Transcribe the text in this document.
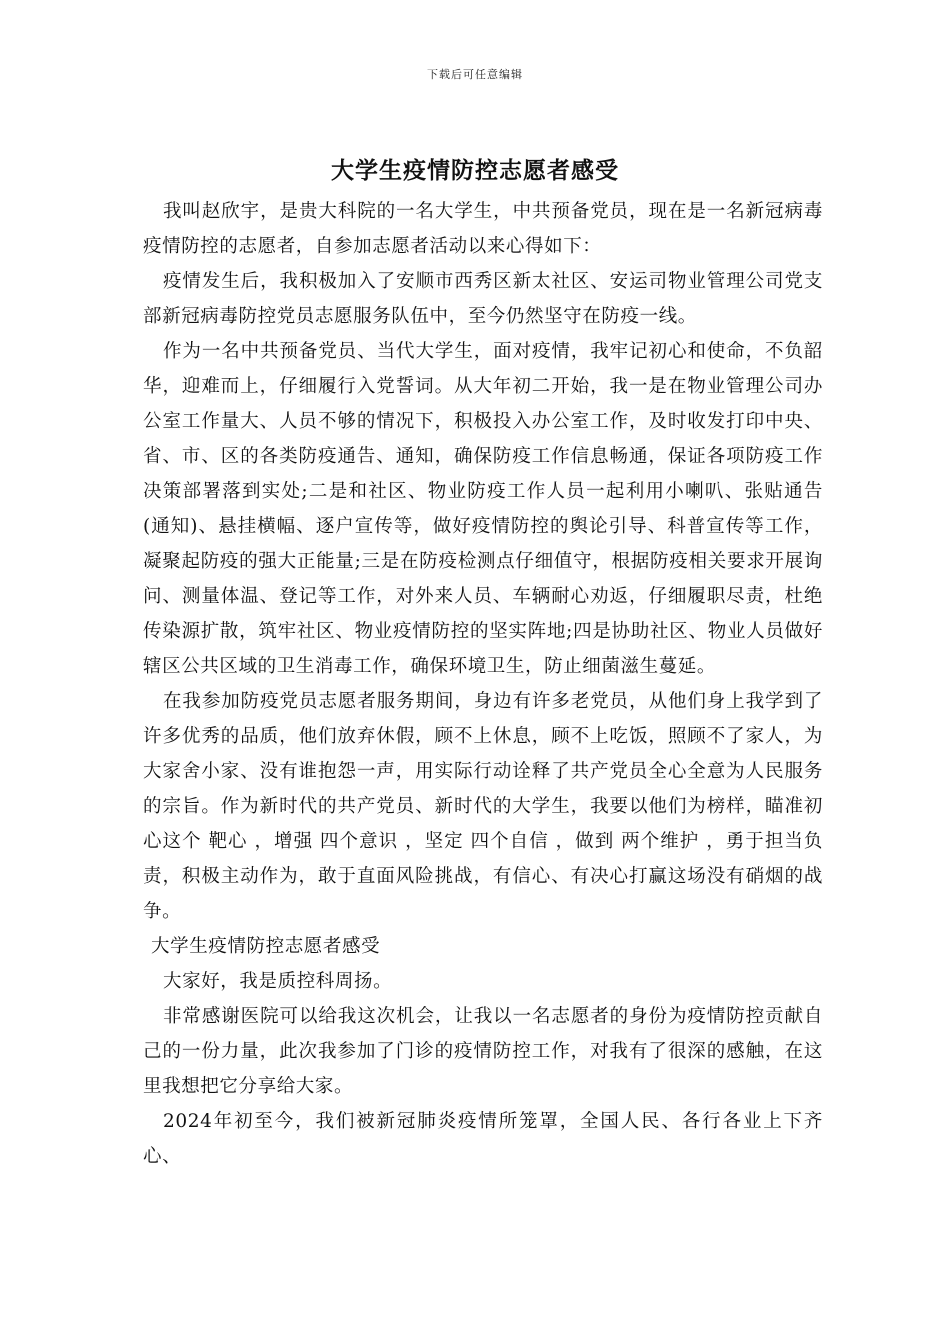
下载后可任意编辑
大学生疫情防控志愿者感受

我叫赵欣宇，是贵大科院的一名大学生，中共预备党员，现在是一名新冠病毒疫情防控的志愿者，自参加志愿者活动以来心得如下：

疫情发生后，我积极加入了安顺市西秀区新太社区、安运司物业管理公司党支部新冠病毒防控党员志愿服务队伍中，至今仍然坚守在防疫一线。

作为一名中共预备党员、当代大学生，面对疫情，我牢记初心和使命，不负韶华，迎难而上，仔细履行入党誓词。从大年初二开始，我一是在物业管理公司办公室工作量大、人员不够的情况下，积极投入办公室工作，及时收发打印中央、省、市、区的各类防疫通告、通知，确保防疫工作信息畅通，保证各项防疫工作决策部署落到实处;二是和社区、物业防疫工作人员一起利用小喇叭、张贴通告(通知)、悬挂横幅、逐户宣传等，做好疫情防控的舆论引导、科普宣传等工作，凝聚起防疫的强大正能量;三是在防疫检测点仔细值守，根据防疫相关要求开展询问、测量体温、登记等工作，对外来人员、车辆耐心劝返，仔细履职尽责，杜绝传染源扩散，筑牢社区、物业疫情防控的坚实阵地;四是协助社区、物业人员做好辖区公共区域的卫生消毒工作，确保环境卫生，防止细菌滋生蔓延。

在我参加防疫党员志愿者服务期间，身边有许多老党员，从他们身上我学到了许多优秀的品质，他们放弃休假，顾不上休息，顾不上吃饭，照顾不了家人，为大家舍小家、没有谁抱怨一声，用实际行动诠释了共产党员全心全意为人民服务的宗旨。作为新时代的共产党员、新时代的大学生，我要以他们为榜样，瞄准初心这个 靶心 ，增强 四个意识 ，坚定 四个自信 ，做到 两个维护 ，勇于担当负责，积极主动作为，敢于直面风险挑战，有信心、有决心打赢这场没有硝烟的战争。

大学生疫情防控志愿者感受

大家好，我是质控科周扬。

非常感谢医院可以给我这次机会，让我以一名志愿者的身份为疫情防控贡献自己的一份力量，此次我参加了门诊的疫情防控工作，对我有了很深的感触，在这里我想把它分享给大家。

2024年初至今，我们被新冠肺炎疫情所笼罩，全国人民、各行各业上下齐心、
